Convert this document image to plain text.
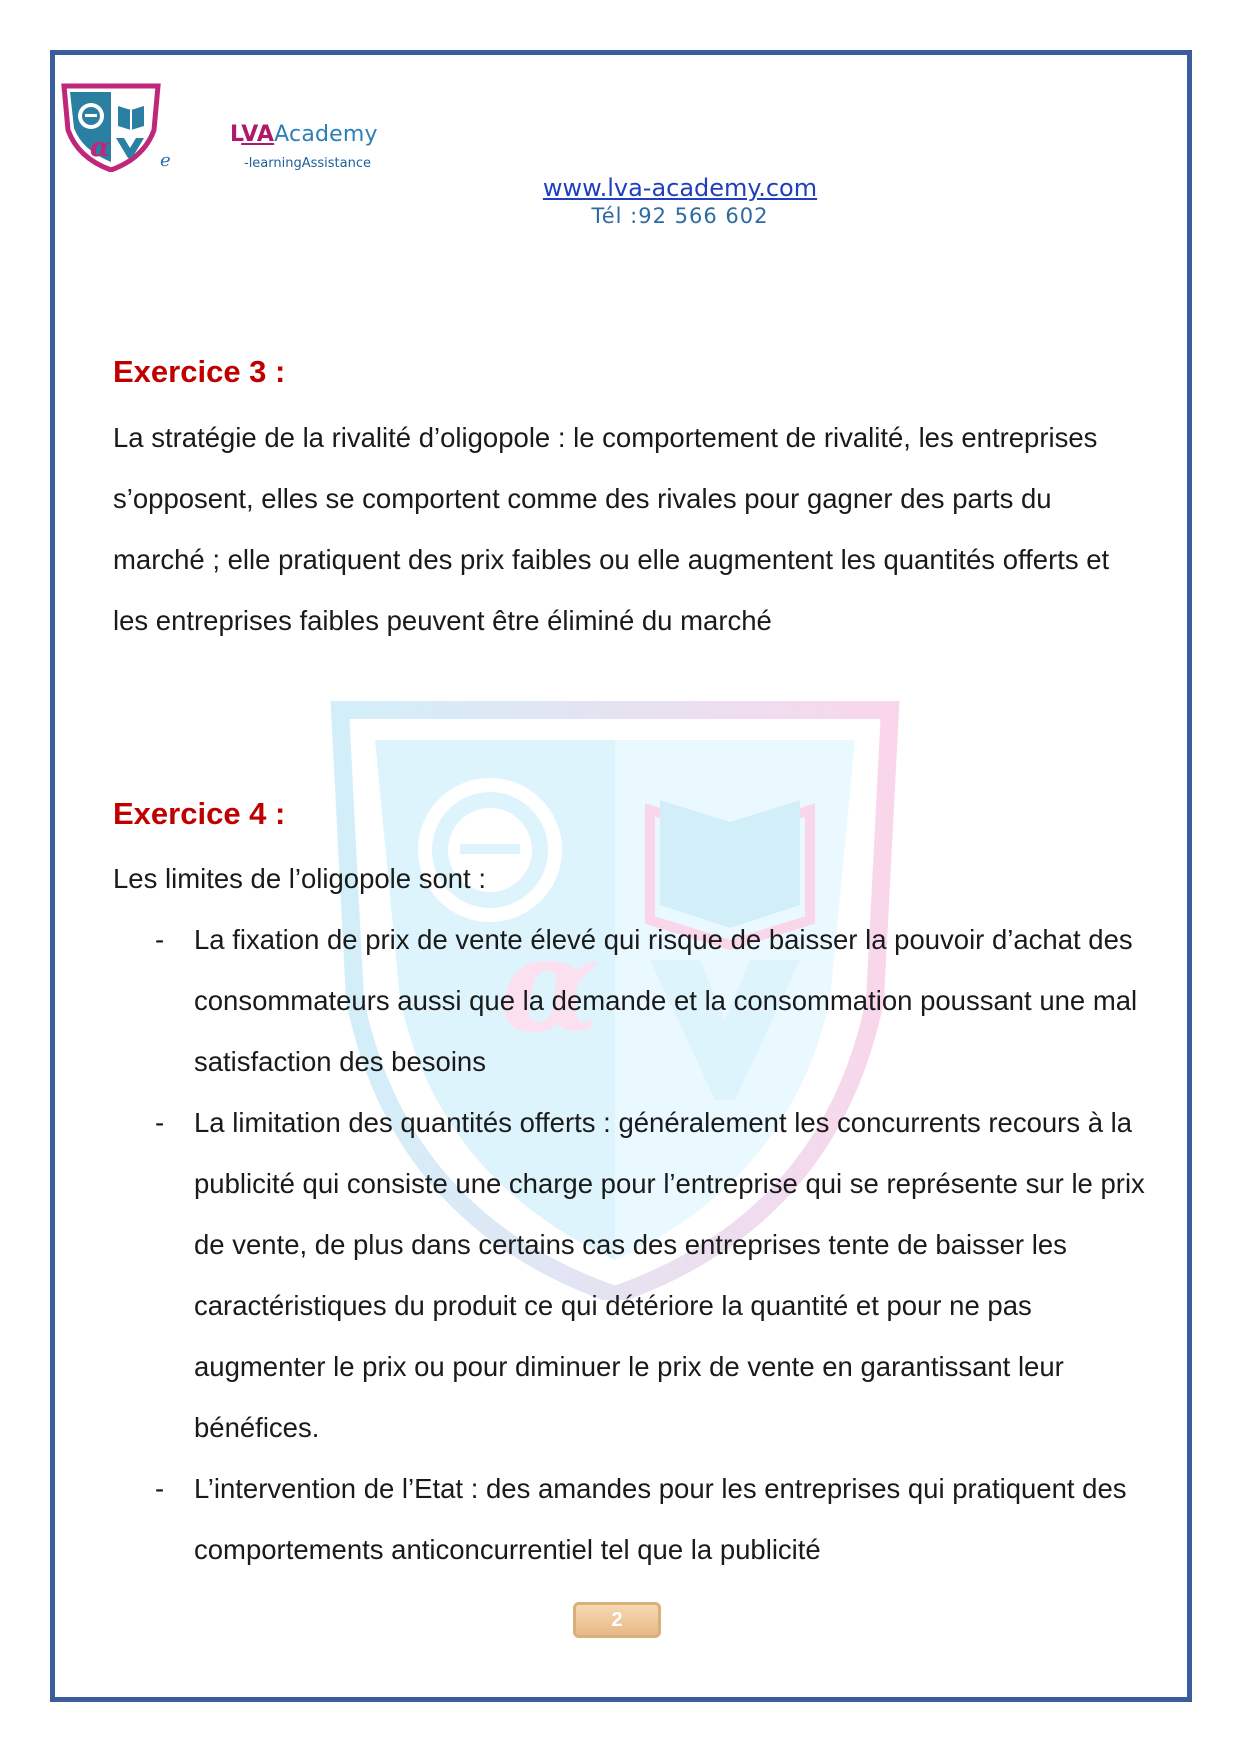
α	e
LVAAcademy
-learningAssistance
www.lva-academy.com
Tél :92 566 602
α
Exercice 3 :

La stratégie de la rivalité d’oligopole : le comportement de rivalité, les entreprises s’opposent, elles se comportent comme des rivales pour gagner des parts du marché ; elle pratiquent des prix faibles ou elle augmentent les quantités offerts et les entreprises faibles peuvent être éliminé du marché

Exercice 4 :

Les limites de l’oligopole sont :

- La fixation de prix de vente élevé qui risque de baisser la pouvoir d’achat des consommateurs aussi que la demande et la consommation poussant une mal satisfaction des besoins

- La limitation des quantités offerts : généralement les concurrents recours à la publicité qui consiste une charge pour l’entreprise qui se représente sur le prix de vente, de plus dans certains cas des entreprises tente de baisser les caractéristiques du produit ce qui détériore la quantité et pour ne pas augmenter le prix ou pour diminuer le prix de vente en garantissant leur bénéfices.

- L’intervention de l’Etat : des amandes pour les entreprises qui pratiquent des comportements anticoncurrentiel tel que la publicité

2
